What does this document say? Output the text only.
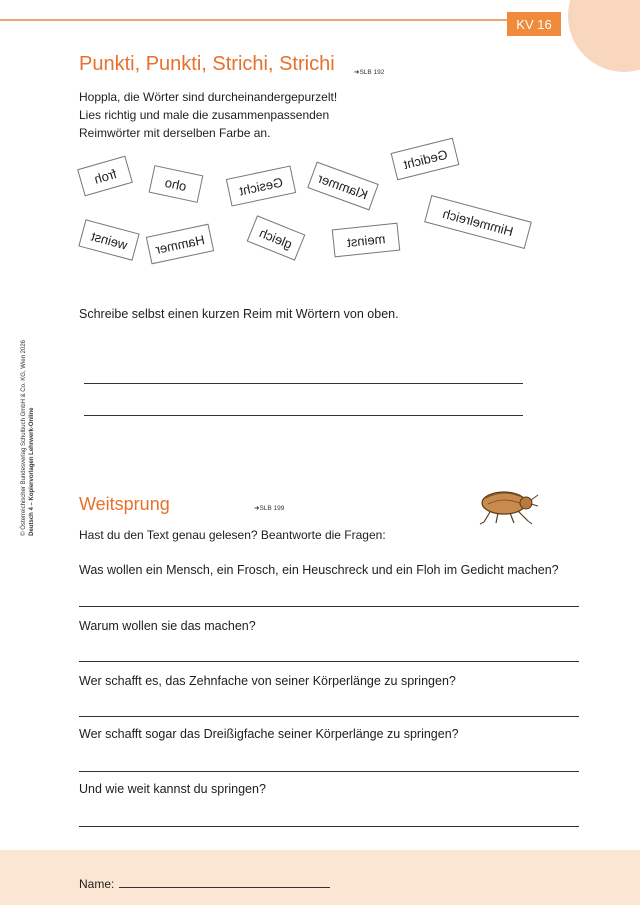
KV 16
© Österreichischer Bundesverlag Schulbuch GmbH & Co. KG, Wien 2026 Deutsch 4 – Kopiervorlagen Lehrwerk-Online
Punkti, Punkti, Strichi, Strichi	➜SLB 192
Hoppla, die Wörter sind durcheinandergepurzelt!
Lies richtig und male die zusammenpassenden
Reimwörter mit derselben Farbe an.
froh	oho	Gesicht Klammer
Gedicht
Himmelreich
weinst Hammer	gleich	meinst
Schreibe selbst einen kurzen Reim mit Wörtern von oben.
Weitsprung	➜SLB 199
Hast du den Text genau gelesen? Beantworte die Fragen:
Was wollen ein Mensch, ein Frosch, ein Heuschreck und ein Floh im Gedicht machen?
Warum wollen sie das machen?
Wer schafft es, das Zehnfache von seiner Körperlänge zu springen?
Wer schafft sogar das Dreißigfache seiner Körperlänge zu springen?
Und wie weit kannst du springen?
Name:
